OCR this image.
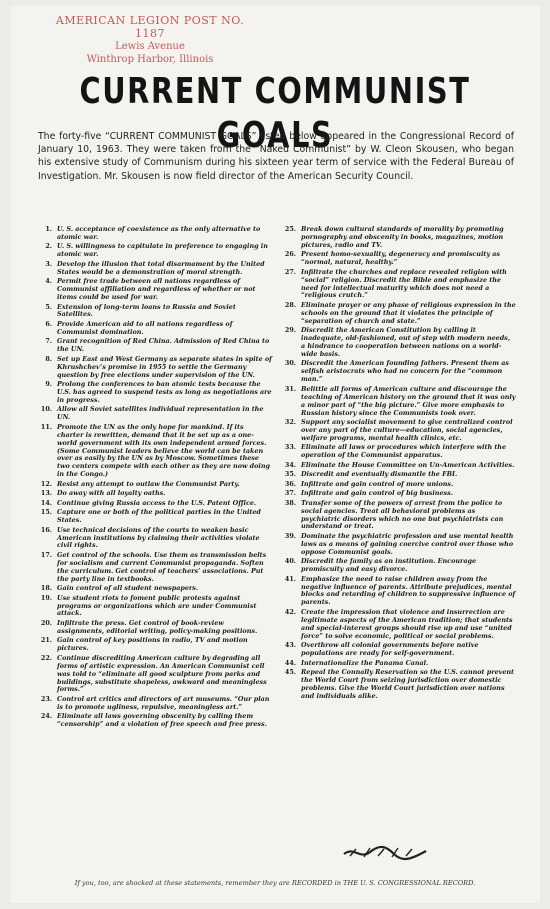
AMERICAN LEGION POST NO. 1187
Lewis Avenue
Winthrop Harbor, Illinois
CURRENT COMMUNIST GOALS

The forty-five “CURRENT COMMUNIST GOALS” listed below appeared in the Congressional Record of January 10, 1963. They were taken from the “Naked Communist” by W. Cleon Skousen, who began his extensive study of Communism during his sixteen year term of service with the Federal Bureau of Investigation. Mr. Skousen is now field director of the American Security Council.

1. U. S. acceptance of coexistence as the only alternative to atomic war.
2. U. S. willingness to capitulate in preference to engaging in atomic war.
3. Develop the illusion that total disarmament by the United States would be a demonstration of moral strength.
4. Permit free trade between all nations regardless of Communist affiliation and regardless of whether or not items could be used for war.
5. Extension of long-term loans to Russia and Soviet Satellites.
6. Provide American aid to all nations regardless of Communist domination.
7. Grant recognition of Red China. Admission of Red China to the UN.
8. Set up East and West Germany as separate states in spite of Khrushchev’s promise in 1955 to settle the Germany question by free elections under supervision of the UN.
9. Prolong the conferences to ban atomic tests because the U.S. has agreed to suspend tests as long as negotiations are in progress.
10. Allow all Soviet satellites individual representation in the UN.
11. Promote the UN as the only hope for mankind. If its charter is rewritten, demand that it be set up as a one-world government with its own independent armed forces. (Some Communist leaders believe the world can be taken over as easily by the UN as by Moscow. Sometimes these two centers compete with each other as they are now doing in the Congo.)
12. Resist any attempt to outlaw the Communist Party.
13. Do away with all loyalty oaths.
14. Continue giving Russia access to the U.S. Patent Office.
15. Capture one or both of the political parties in the United States.
16. Use technical decisions of the courts to weaken basic American institutions by claiming their activities violate civil rights.
17. Get control of the schools. Use them as transmission belts for socialism and current Communist propaganda. Soften the curriculum. Get control of teachers’ associations. Put the party line in textbooks.
18. Gain control of all student newspapers.
19. Use student riots to foment public protests against programs or organizations which are under Communist attack.
20. Infiltrate the press. Get control of book-review assignments, editorial writing, policy-making positions.
21. Gain control of key positions in radio, TV and motion pictures.
22. Continue discrediting American culture by degrading all forms of artistic expression. An American Communist cell was told to “eliminate all good sculpture from parks and buildings, substitute shapeless, awkward and meaningless forms.”
23. Control art critics and directors of art museums. “Our plan is to promote ugliness, repulsive, meaningless art.”
24. Eliminate all laws governing obscenity by calling them “censorship” and a violation of free speech and free press.
25. Break down cultural standards of morality by promoting pornography and obscenity in books, magazines, motion pictures, radio and TV.
26. Present homo-sexuality, degeneracy and promiscuity as “normal, natural, healthy.”
27. Infiltrate the churches and replace revealed religion with “social” religion. Discredit the Bible and emphasize the need for intellectual maturity which does not need a “religious crutch.”
28. Eliminate prayer or any phase of religious expression in the schools on the ground that it violates the principle of “separation of church and state.”
29. Discredit the American Constitution by calling it inadequate, old-fashioned, out of step with modern needs, a hindrance to cooperation between nations on a world-wide basis.
30. Discredit the American founding fathers. Present them as selfish aristocrats who had no concern for the “common man.”
31. Belittle all forms of American culture and discourage the teaching of American history on the ground that it was only a minor part of “the big picture.” Give more emphasis to Russian history since the Communists took over.
32. Support any socialist movement to give centralized control over any part of the culture—education, social agencies, welfare programs, mental health clinics, etc.
33. Eliminate all laws or procedures which interfere with the operation of the Communist apparatus.
34. Eliminate the House Committee on Un-American Activities.
35. Discredit and eventually dismantle the FBI.
36. Infiltrate and gain control of more unions.
37. Infiltrate and gain control of big business.
38. Transfer some of the powers of arrest from the police to social agencies. Treat all behavioral problems as psychiatric disorders which no one but psychiatrists can understand or treat.
39. Dominate the psychiatric profession and use mental health laws as a means of gaining coercive control over those who oppose Communist goals.
40. Discredit the family as an institution. Encourage promiscuity and easy divorce.
41. Emphasize the need to raise children away from the negative influence of parents. Attribute prejudices, mental blocks and retarding of children to suppressive influence of parents.
42. Create the impression that violence and insurrection are legitimate aspects of the American tradition; that students and special-interest groups should rise up and use “united force” to solve economic, political or social problems.
43. Overthrow all colonial governments before native populations are ready for self-government.
44. Internationalize the Panama Canal.
45. Repeal the Connally Reservation so the U.S. cannot prevent the World Court from seizing jurisdiction over domestic problems. Give the World Court jurisdiction over nations and individuals alike.

If you, too, are shocked at these statements, remember they are RECORDED in THE U. S. CONGRESSIONAL RECORD.
